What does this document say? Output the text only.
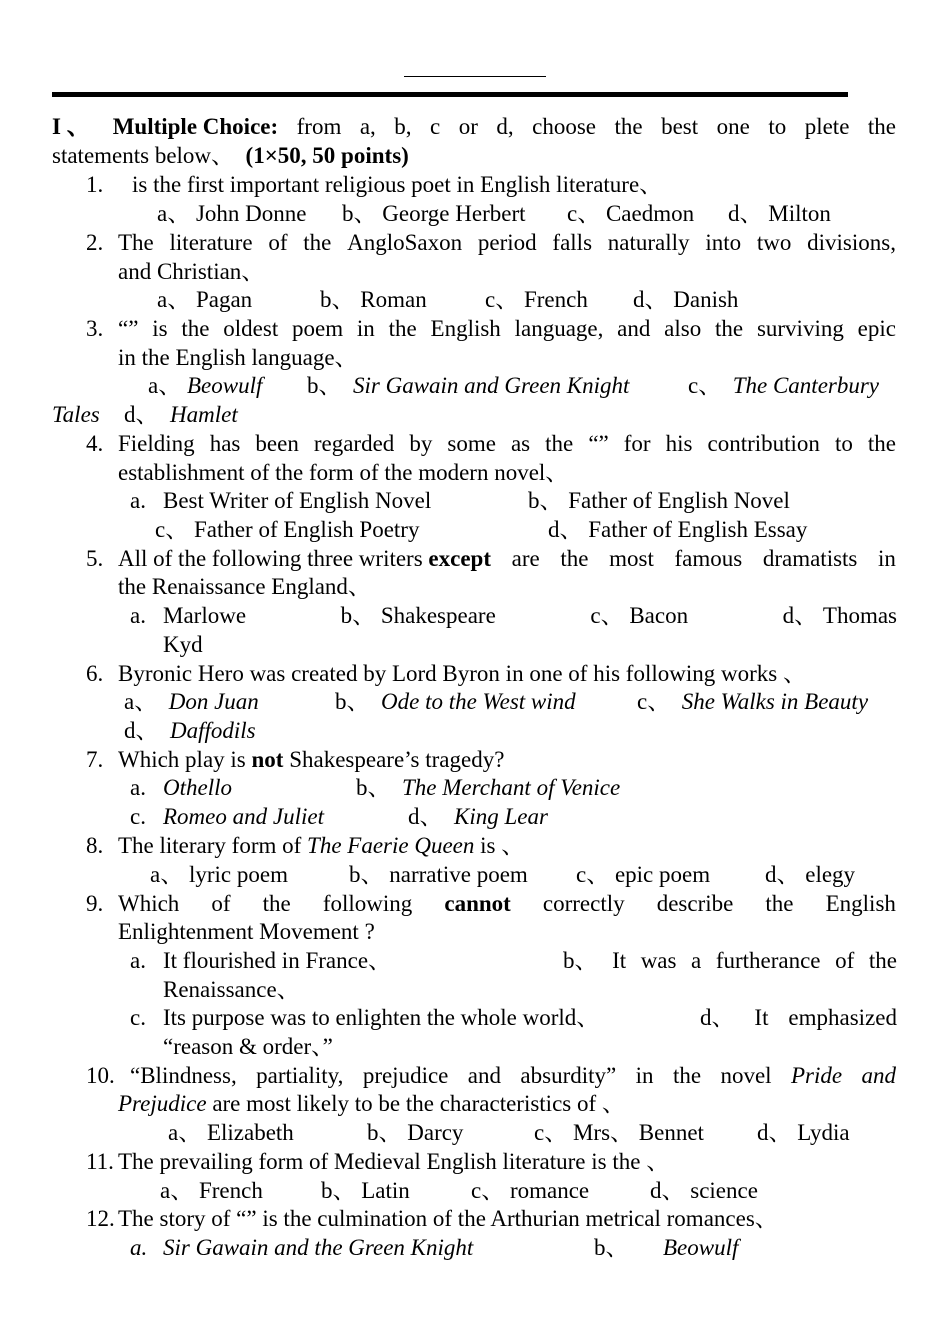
I 、 Multiple Choice: from a, b, c or d, choose the best one to plete the
statements below、 (1×50, 50 points)
1. is the first important religious poet in English literature、
a、 John Donne b、 George Herbert c、 Caedmon d、 Milton
2. The literature of the AngloSaxon period falls naturally into two divisions,
and Christian、
a、 Pagan	b、 Roman	c、 French d、 Danish
3. “” is the oldest poem in the English language, and also the surviving epic
in the English language、
a、 Beowulf b、 Sir Gawain and Green Knight	c、 The Canterbury
Tales d、 Hamlet
4. Fielding has been regarded by some as the “” for his contribution to the
establishment of the form of the modern novel、
a. Best Writer of English Novel	b、 Father of English Novel
c、 Father of English Poetry	d、 Father of English Essay
5. All of the following three writers except are the most famous dramatists in
the Renaissance England、
a. Marlowe	b、 Shakespeare	c、 Bacon	d、 Thomas
Kyd
6. Byronic Hero was created by Lord Byron in one of his following works 、
a、 Don Juan	b、 Ode to the West wind	c、 She Walks in Beauty
d、 Daffodils
7. Which play is not Shakespeare’s tragedy?
a. Othello	b、 The Merchant of Venice
c. Romeo and Juliet	d、 King Lear
8. The literary form of The Faerie Queen is 、
a、 lyric poem	b、 narrative poem c、 epic poem d、 elegy
9. Which of the following cannot correctly describe the English
Enlightenment Movement ?
a. It flourished in France、	b、 It was a furtherance of the
Renaissance、
c. Its purpose was to enlighten the whole world、	d、 It emphasized
“reason & order、”
10. “Blindness, partiality, prejudice and absurdity” in the novel Pride and
Prejudice are most likely to be the characteristics of 、
a、 Elizabeth	b、 Darcy	c、 Mrs、 Bennet d、 Lydia
11. The prevailing form of Medieval English literature is the 、
a、 French	b、 Latin	c、 romance	d、 science
12. The story of “” is the culmination of the Arthurian metrical romances、
a. Sir Gawain and the Green Knight	b、 Beowulf
